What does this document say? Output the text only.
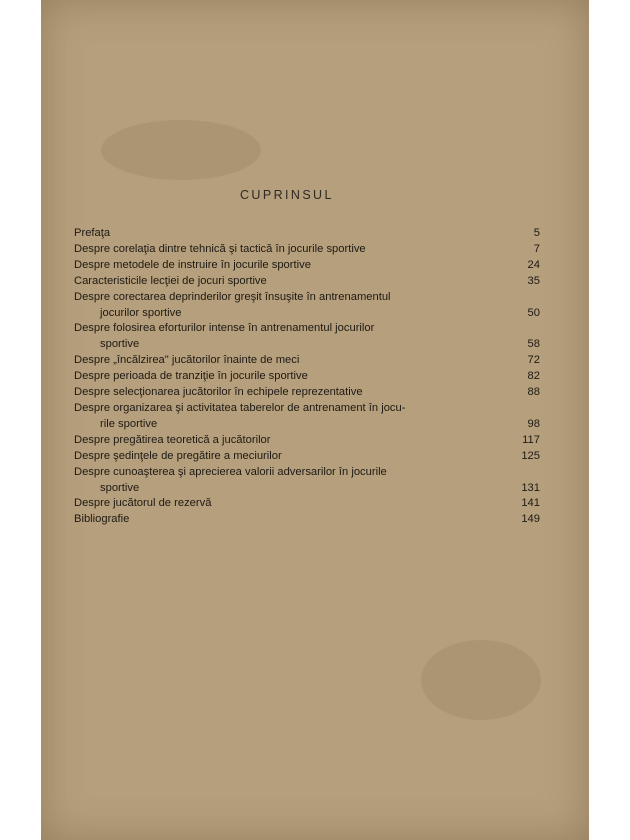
CUPRINSUL
Prefaţa	5
Despre corelaţia dintre tehnică şi tactică în jocurile sportive	7
Despre metodele de instruire în jocurile sportive	24
Caracteristicile lecţiei de jocuri sportive	35
Despre corectarea deprinderilor greşit însuşite în antrenamentul
jocurilor sportive	50
Despre folosirea eforturilor intense în antrenamentul jocurilor
sportive	58
Despre „încălzirea" jucătorilor înainte de meci	72
Despre perioada de tranziţie în jocurile sportive	82
Despre selecţionarea jucătorilor în echipele reprezentative	88
Despre organizarea şi activitatea taberelor de antrenament în jocu-
rile sportive	98
Despre pregătirea teoretică a jucătorilor	117
Despre şedinţele de pregătire a meciurilor	125
Despre cunoaşterea şi aprecierea valorii adversarilor în jocurile
sportive	131
Despre jucătorul de rezervă	141
Bibliografie	149
